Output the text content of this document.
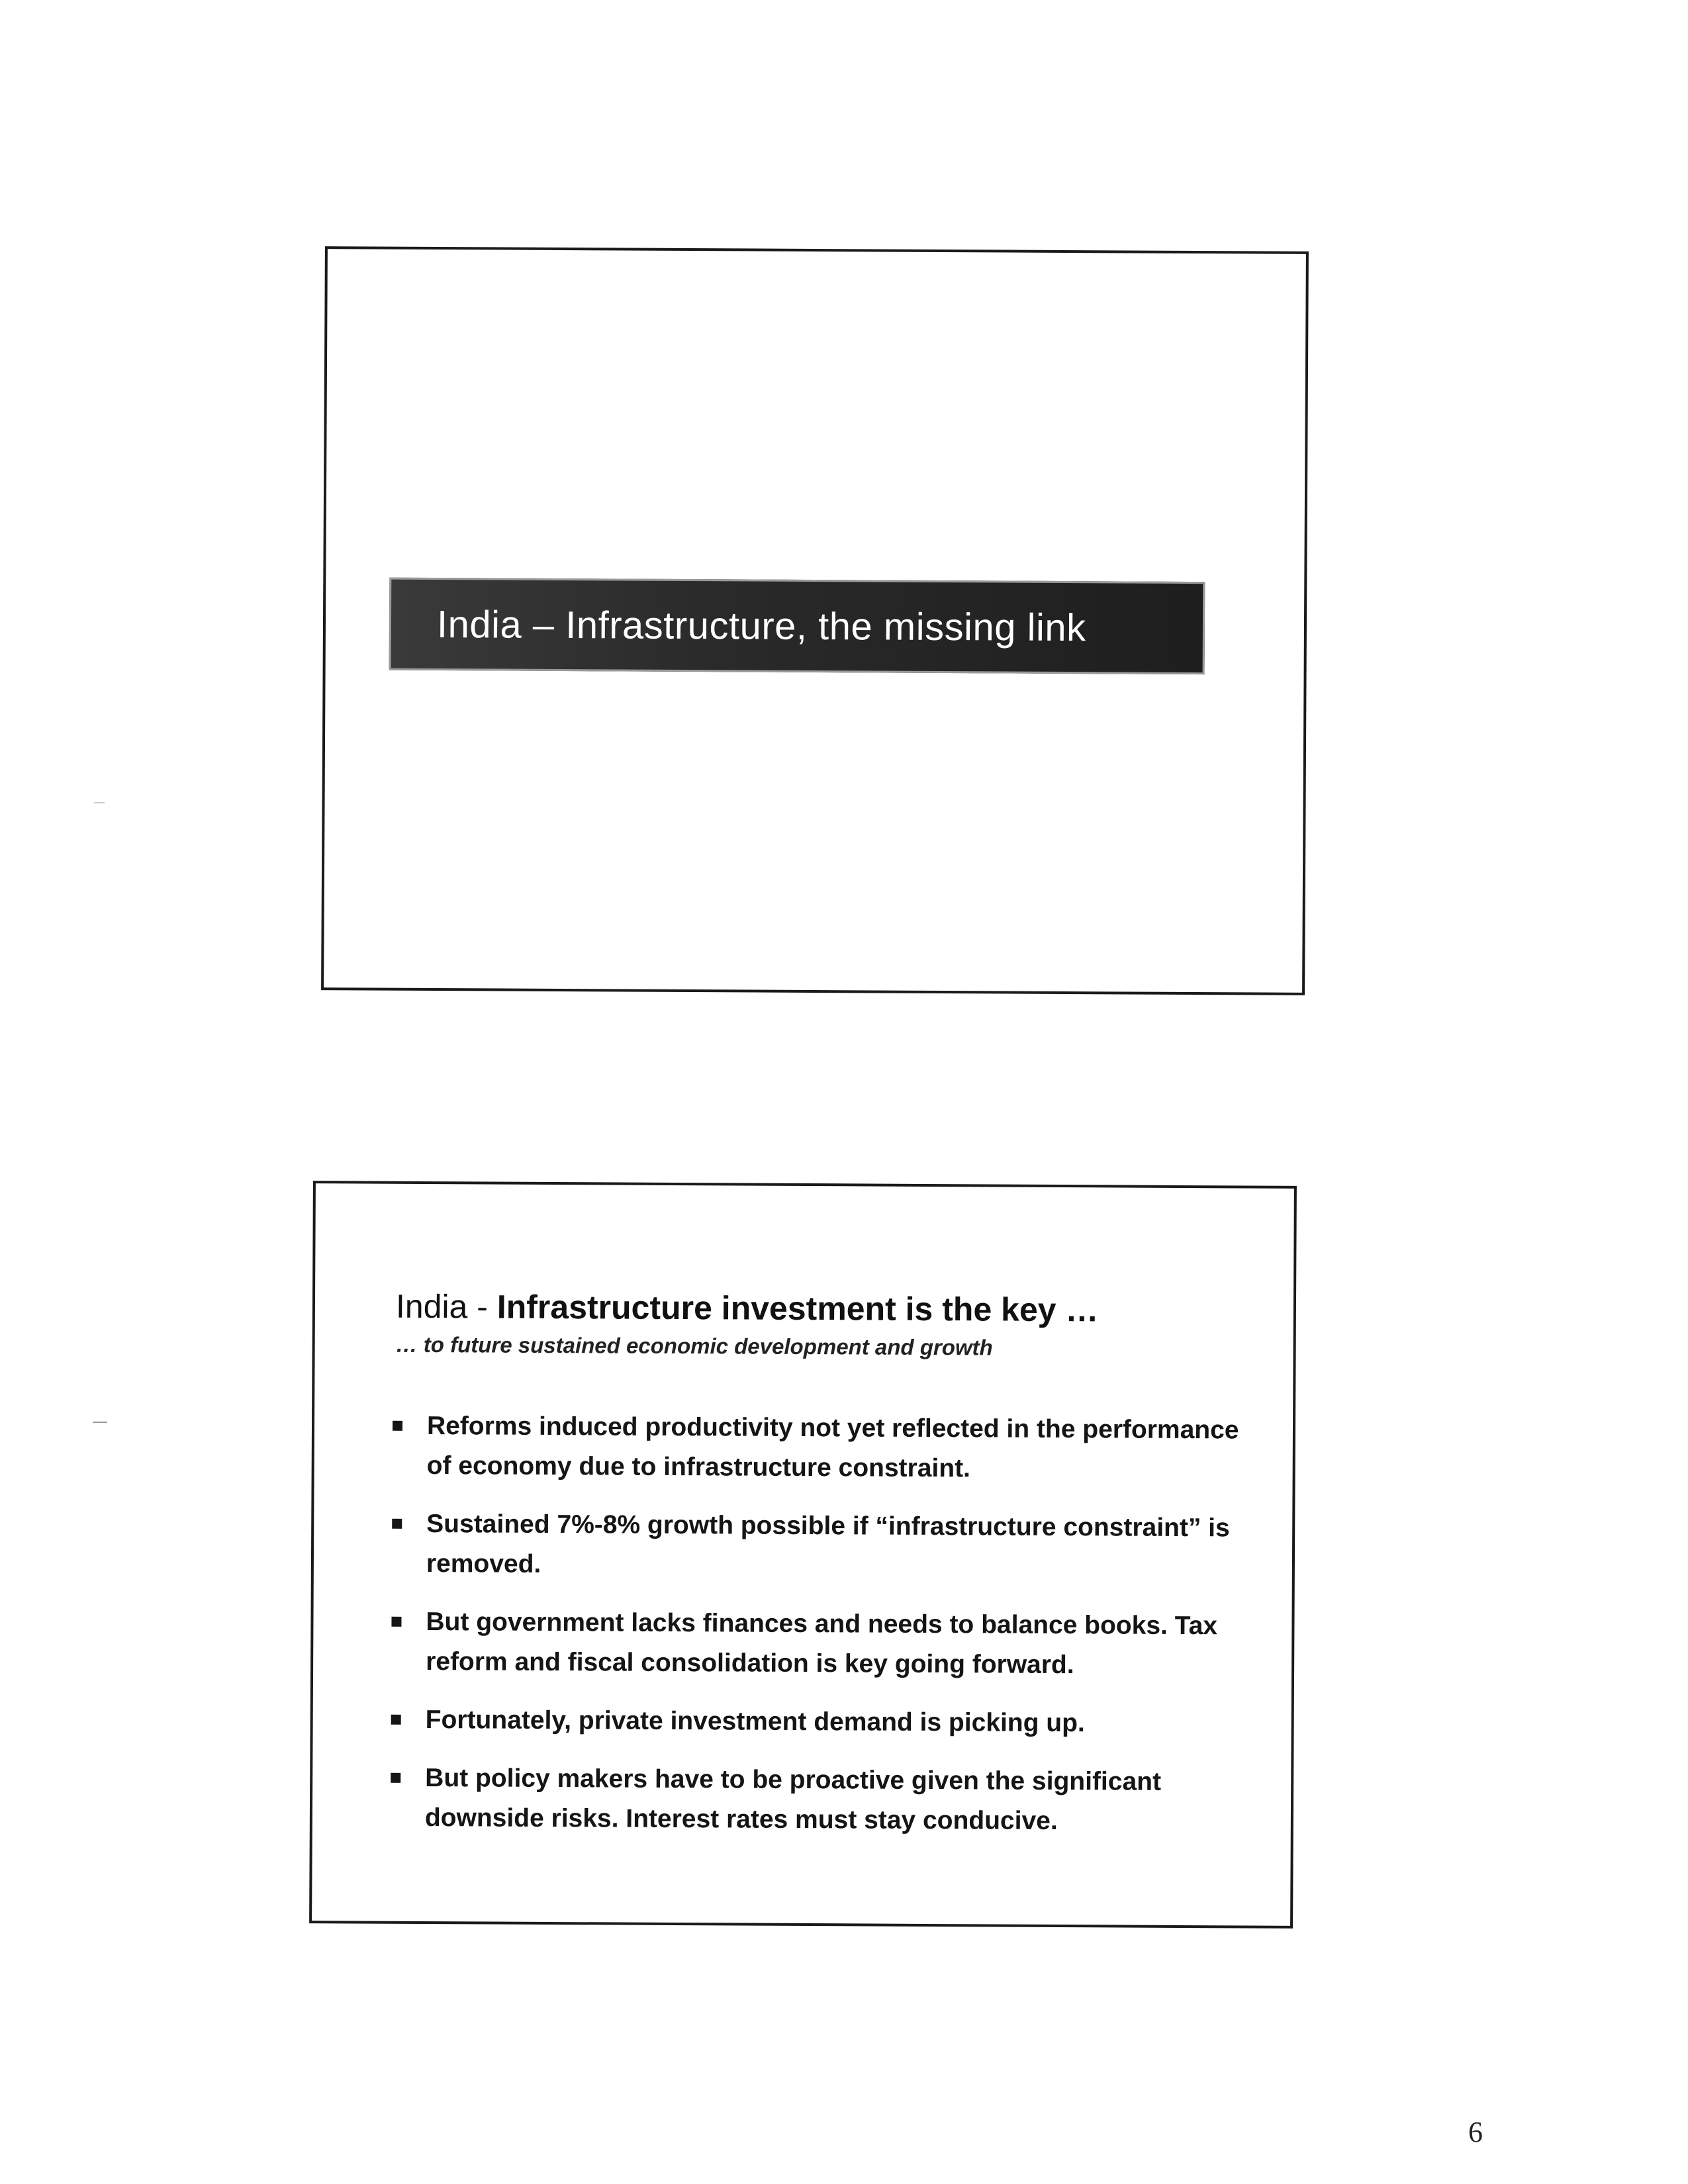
India – Infrastructure, the missing link
India - Infrastructure investment is the key …
… to future sustained economic development and growth
Reforms induced productivity not yet reflected in the performance of economy due to infrastructure constraint.
Sustained 7%-8% growth possible if “infrastructure constraint” is removed.
But government lacks finances and needs to balance books. Tax reform and fiscal consolidation is key going forward.
Fortunately, private investment demand is picking up.
But policy makers have to be proactive given the significant downside risks. Interest rates must stay conducive.
6
